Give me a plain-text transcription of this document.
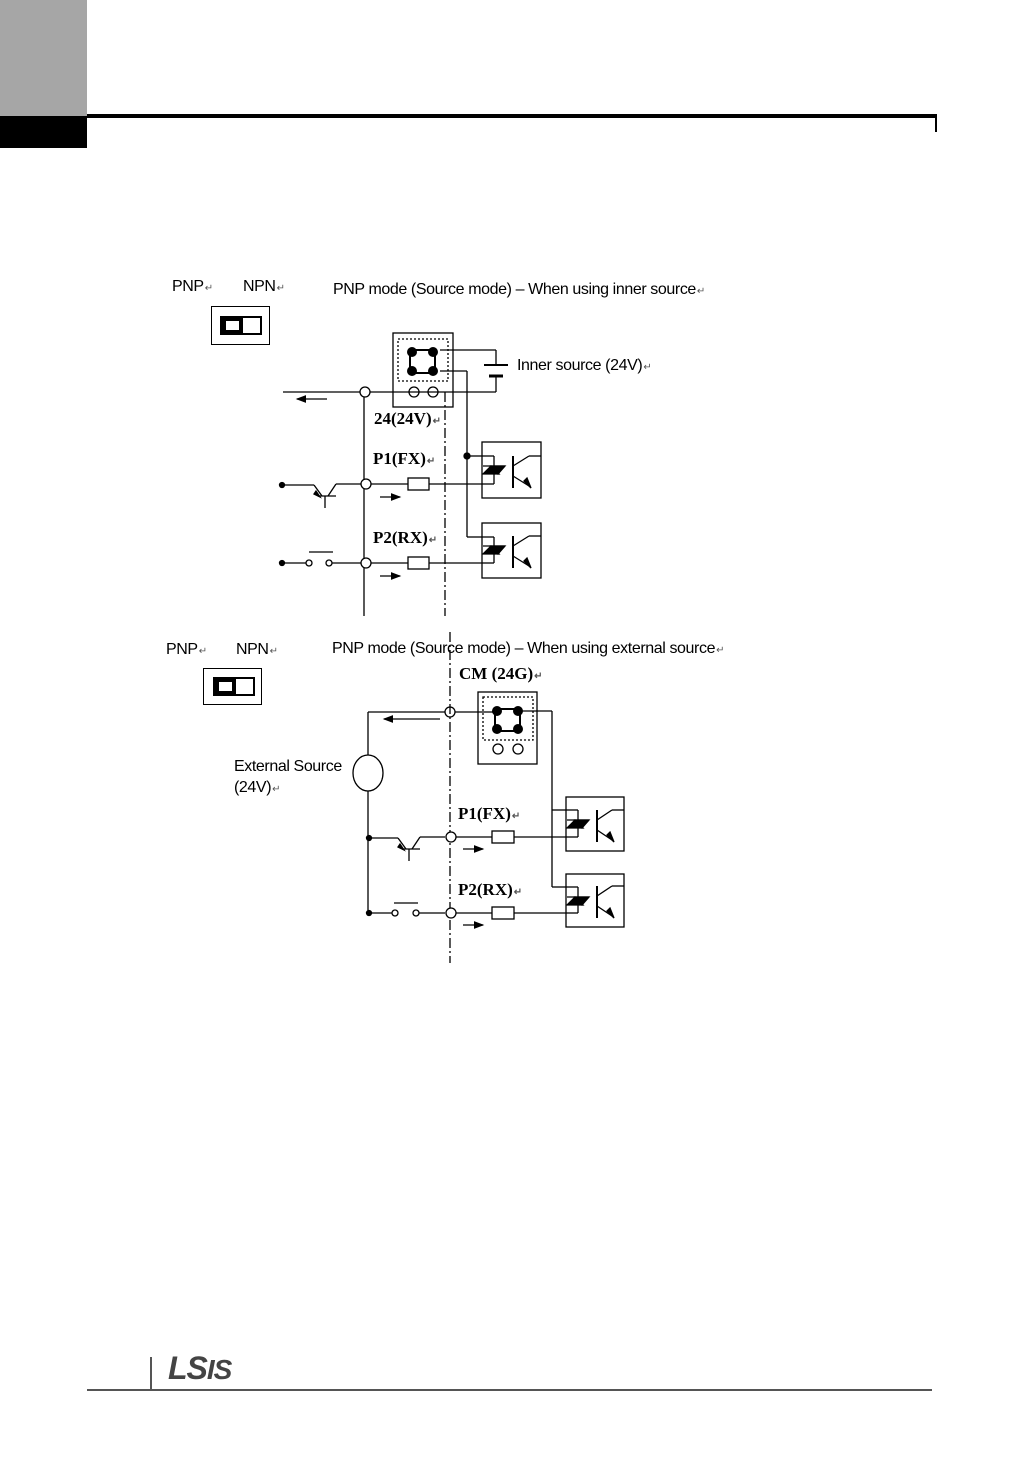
PNP↵ NPN↵	PNP mode (Source mode) – When using inner source↵
Inner source (24V)↵
24(24V)↵
P1(FX)↵
P2(RX)↵
PNP↵ NPN↵	PNP mode (Source mode) – When using external source↵
CM (24G)↵
External Source
(24V)↵
P1(FX)↵
P2(RX)↵
LSIS
